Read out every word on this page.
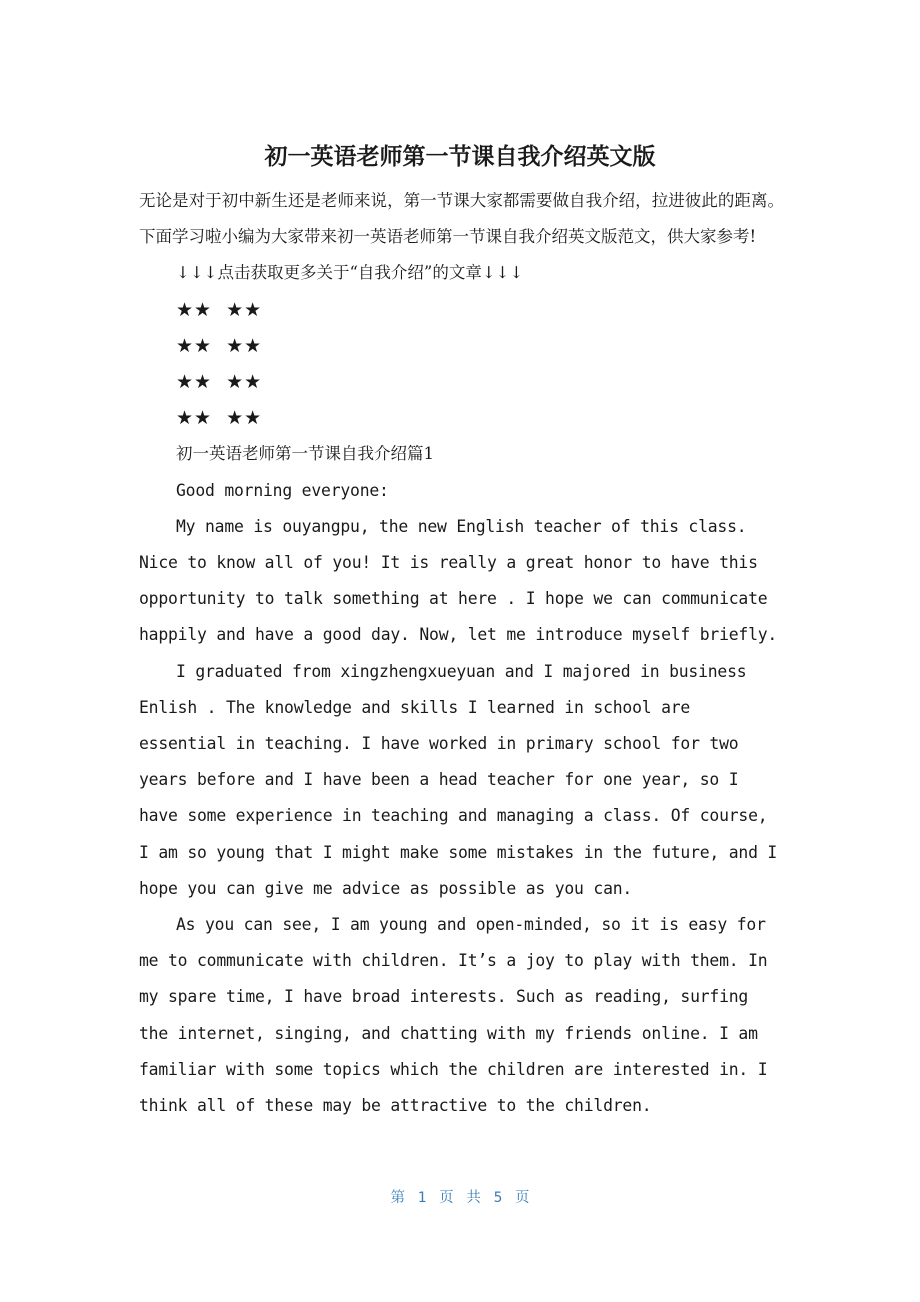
初一英语老师第一节课自我介绍英文版

无论是对于初中新生还是老师来说，第一节课大家都需要做自我介绍，拉进彼此的距离。下面学习啦小编为大家带来初一英语老师第一节课自我介绍英文版范文，供大家参考!

↓↓↓点击获取更多关于“自我介绍”的文章↓↓↓

★★  ★★

★★  ★★

★★  ★★

★★  ★★

初一英语老师第一节课自我介绍篇1

Good morning everyone:

My name is ouyangpu, the new English teacher of this class. Nice to know all of you! It is really a great honor to have this opportunity to talk something at here . I hope we can communicate happily and have a good day. Now, let me introduce myself briefly.

I graduated from xingzhengxueyuan and I majored in business Enlish . The knowledge and skills I learned in school are essential in teaching. I have worked in primary school for two years before and I have been a head teacher for one year, so I have some experience in teaching and managing a class. Of course, I am so young that I might make some mistakes in the future, and I hope you can give me advice as possible as you can.

As you can see, I am young and open-minded, so it is easy for me to communicate with children. It’s a joy to play with them. In my spare time, I have broad interests. Such as reading, surfing the internet, singing, and chatting with my friends online. I am familiar with some topics which the children are interested in. I think all of these may be attractive to the children.

第 1 页 共 5 页
